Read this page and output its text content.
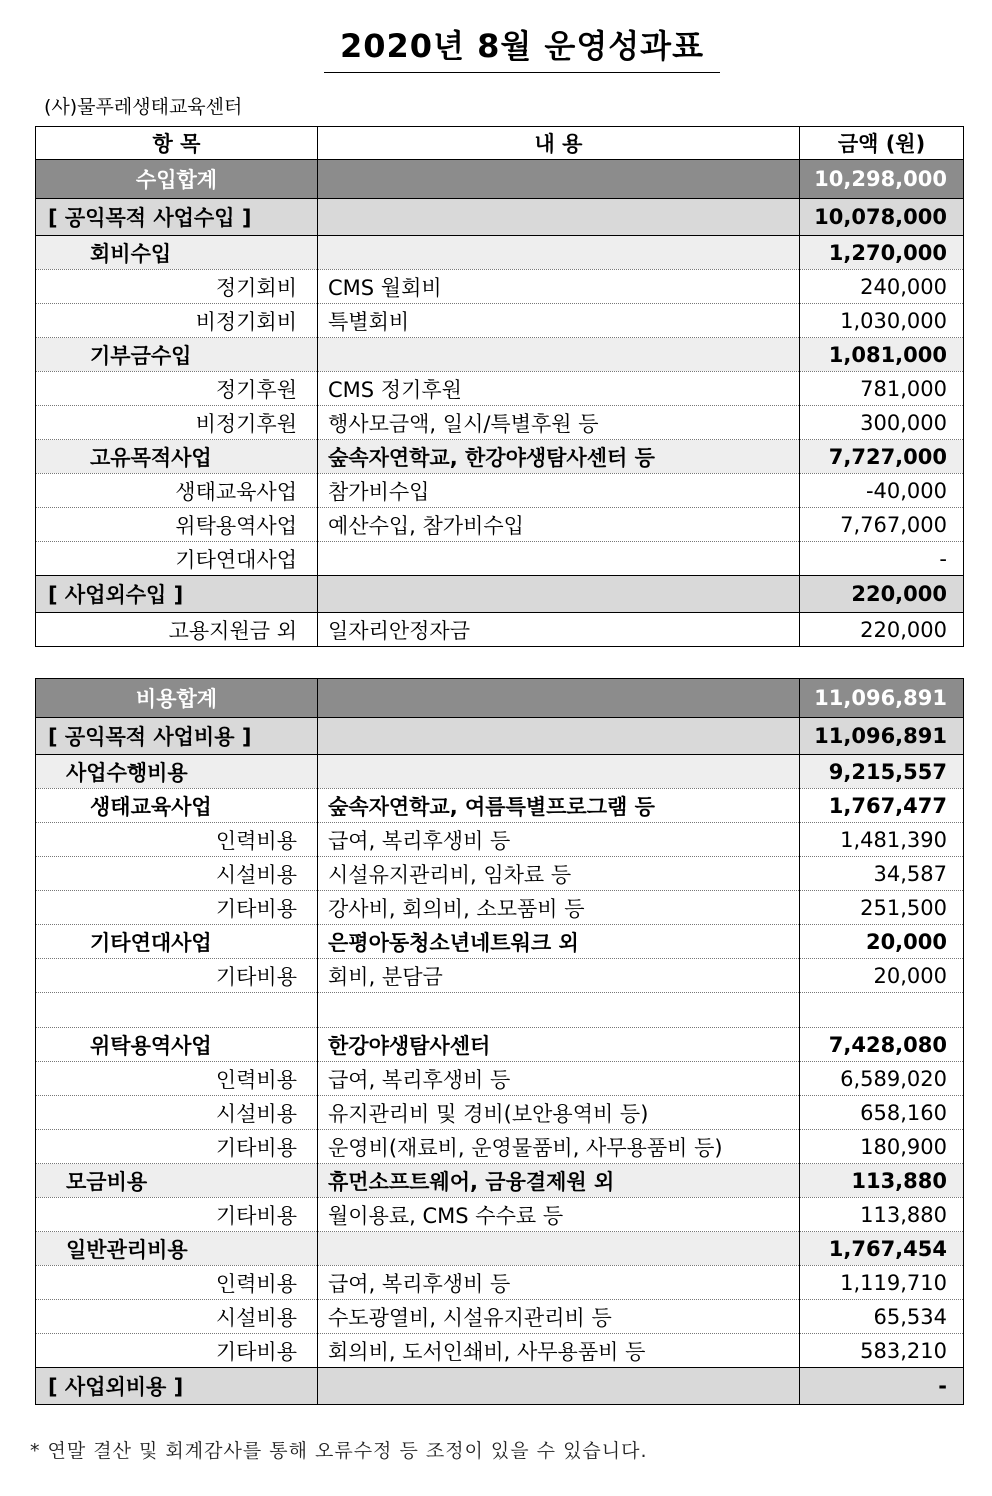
2020년 8월 운영성과표
(사)물푸레생태교육센터
항 목	내 용	금액 (원)
수입합계		10,298,000
[ 공익목적 사업수입 ]		10,078,000
회비수입		1,270,000
정기회비	CMS 월회비	240,000
비정기회비	특별회비	1,030,000
기부금수입		1,081,000
정기후원	CMS 정기후원	781,000
비정기후원	행사모금액, 일시/특별후원 등	300,000
고유목적사업	숲속자연학교, 한강야생탐사센터 등	7,727,000
생태교육사업	참가비수입	-40,000
위탁용역사업	예산수입, 참가비수입	7,767,000
기타연대사업		-
[ 사업외수입 ]		220,000
고용지원금 외	일자리안정자금	220,000
비용합계		11,096,891
[ 공익목적 사업비용 ]		11,096,891
사업수행비용		9,215,557
생태교육사업	숲속자연학교, 여름특별프로그램 등	1,767,477
인력비용	급여, 복리후생비 등	1,481,390
시설비용	시설유지관리비, 임차료 등	34,587
기타비용	강사비, 회의비, 소모품비 등	251,500
기타연대사업	은평아동청소년네트워크 외	20,000
기타비용	회비, 분담금	20,000

위탁용역사업	한강야생탐사센터	7,428,080
인력비용	급여, 복리후생비 등	6,589,020
시설비용	유지관리비 및 경비(보안용역비 등)	658,160
기타비용	운영비(재료비, 운영물품비, 사무용품비 등)	180,900
모금비용	휴먼소프트웨어, 금융결제원 외	113,880
기타비용	월이용료, CMS 수수료 등	113,880
일반관리비용		1,767,454
인력비용	급여, 복리후생비 등	1,119,710
시설비용	수도광열비, 시설유지관리비 등	65,534
기타비용	회의비, 도서인쇄비, 사무용품비 등	583,210
[ 사업외비용 ]		-
* 연말 결산 및 회계감사를 통해 오류수정 등 조정이 있을 수 있습니다.
